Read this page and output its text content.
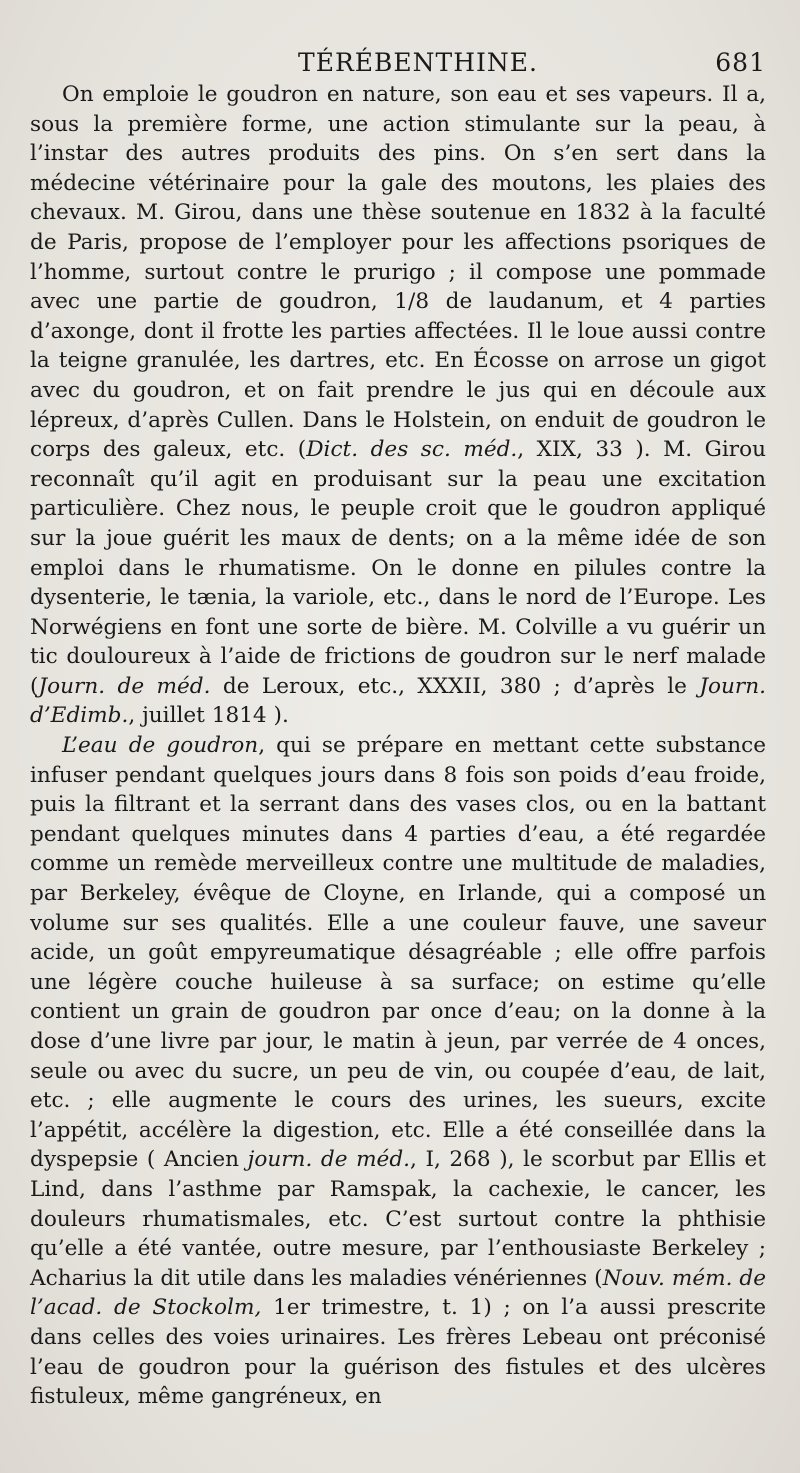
TÉRÉBENTHINE.	681

On emploie le goudron en nature, son eau et ses vapeurs. Il a, sous la première forme, une action stimulante sur la peau, à l’instar des autres produits des pins. On s’en sert dans la médecine vétérinaire pour la gale des moutons, les plaies des chevaux. M. Girou, dans une thèse soutenue en 1832 à la faculté de Paris, propose de l’employer pour les affections psoriques de l’homme, surtout contre le prurigo ; il compose une pommade avec une partie de goudron, 1/8 de laudanum, et 4 parties d’axonge, dont il frotte les parties affectées. Il le loue aussi contre la teigne granulée, les dartres, etc. En Écosse on arrose un gigot avec du goudron, et on fait prendre le jus qui en découle aux lépreux, d’après Cullen. Dans le Holstein, on enduit de goudron le corps des galeux, etc. (Dict. des sc. méd., XIX, 33 ). M. Girou reconnaît qu’il agit en produisant sur la peau une excitation particulière. Chez nous, le peuple croit que le goudron appliqué sur la joue guérit les maux de dents; on a la même idée de son emploi dans le rhumatisme. On le donne en pilules contre la dysenterie, le tænia, la variole, etc., dans le nord de l’Europe. Les Norwégiens en font une sorte de bière. M. Colville a vu guérir un tic douloureux à l’aide de frictions de goudron sur le nerf malade (Journ. de méd. de Leroux, etc., XXXII, 380 ; d’après le Journ. d’Edimb., juillet 1814 ).

L’eau de goudron, qui se prépare en mettant cette substance infuser pendant quelques jours dans 8 fois son poids d’eau froide, puis la filtrant et la serrant dans des vases clos, ou en la battant pendant quelques minutes dans 4 parties d’eau, a été regardée comme un remède merveilleux contre une multitude de maladies, par Berkeley, évêque de Cloyne, en Irlande, qui a composé un volume sur ses qualités. Elle a une couleur fauve, une saveur acide, un goût empyreumatique désagréable ; elle offre parfois une légère couche huileuse à sa surface; on estime qu’elle contient un grain de goudron par once d’eau; on la donne à la dose d’une livre par jour, le matin à jeun, par verrée de 4 onces, seule ou avec du sucre, un peu de vin, ou coupée d’eau, de lait, etc. ; elle augmente le cours des urines, les sueurs, excite l’appétit, accélère la digestion, etc. Elle a été conseillée dans la dyspepsie ( Ancien journ. de méd., I, 268 ), le scorbut par Ellis et Lind, dans l’asthme par Ramspak, la cachexie, le cancer, les douleurs rhumatismales, etc. C’est surtout contre la phthisie qu’elle a été vantée, outre mesure, par l’enthousiaste Berkeley ; Acharius la dit utile dans les maladies vénériennes (Nouv. mém. de l’acad. de Stockolm, 1er trimestre, t. 1) ; on l’a aussi prescrite dans celles des voies urinaires. Les frères Lebeau ont préconisé l’eau de goudron pour la guérison des fistules et des ulcères fistuleux, même gangréneux, en
